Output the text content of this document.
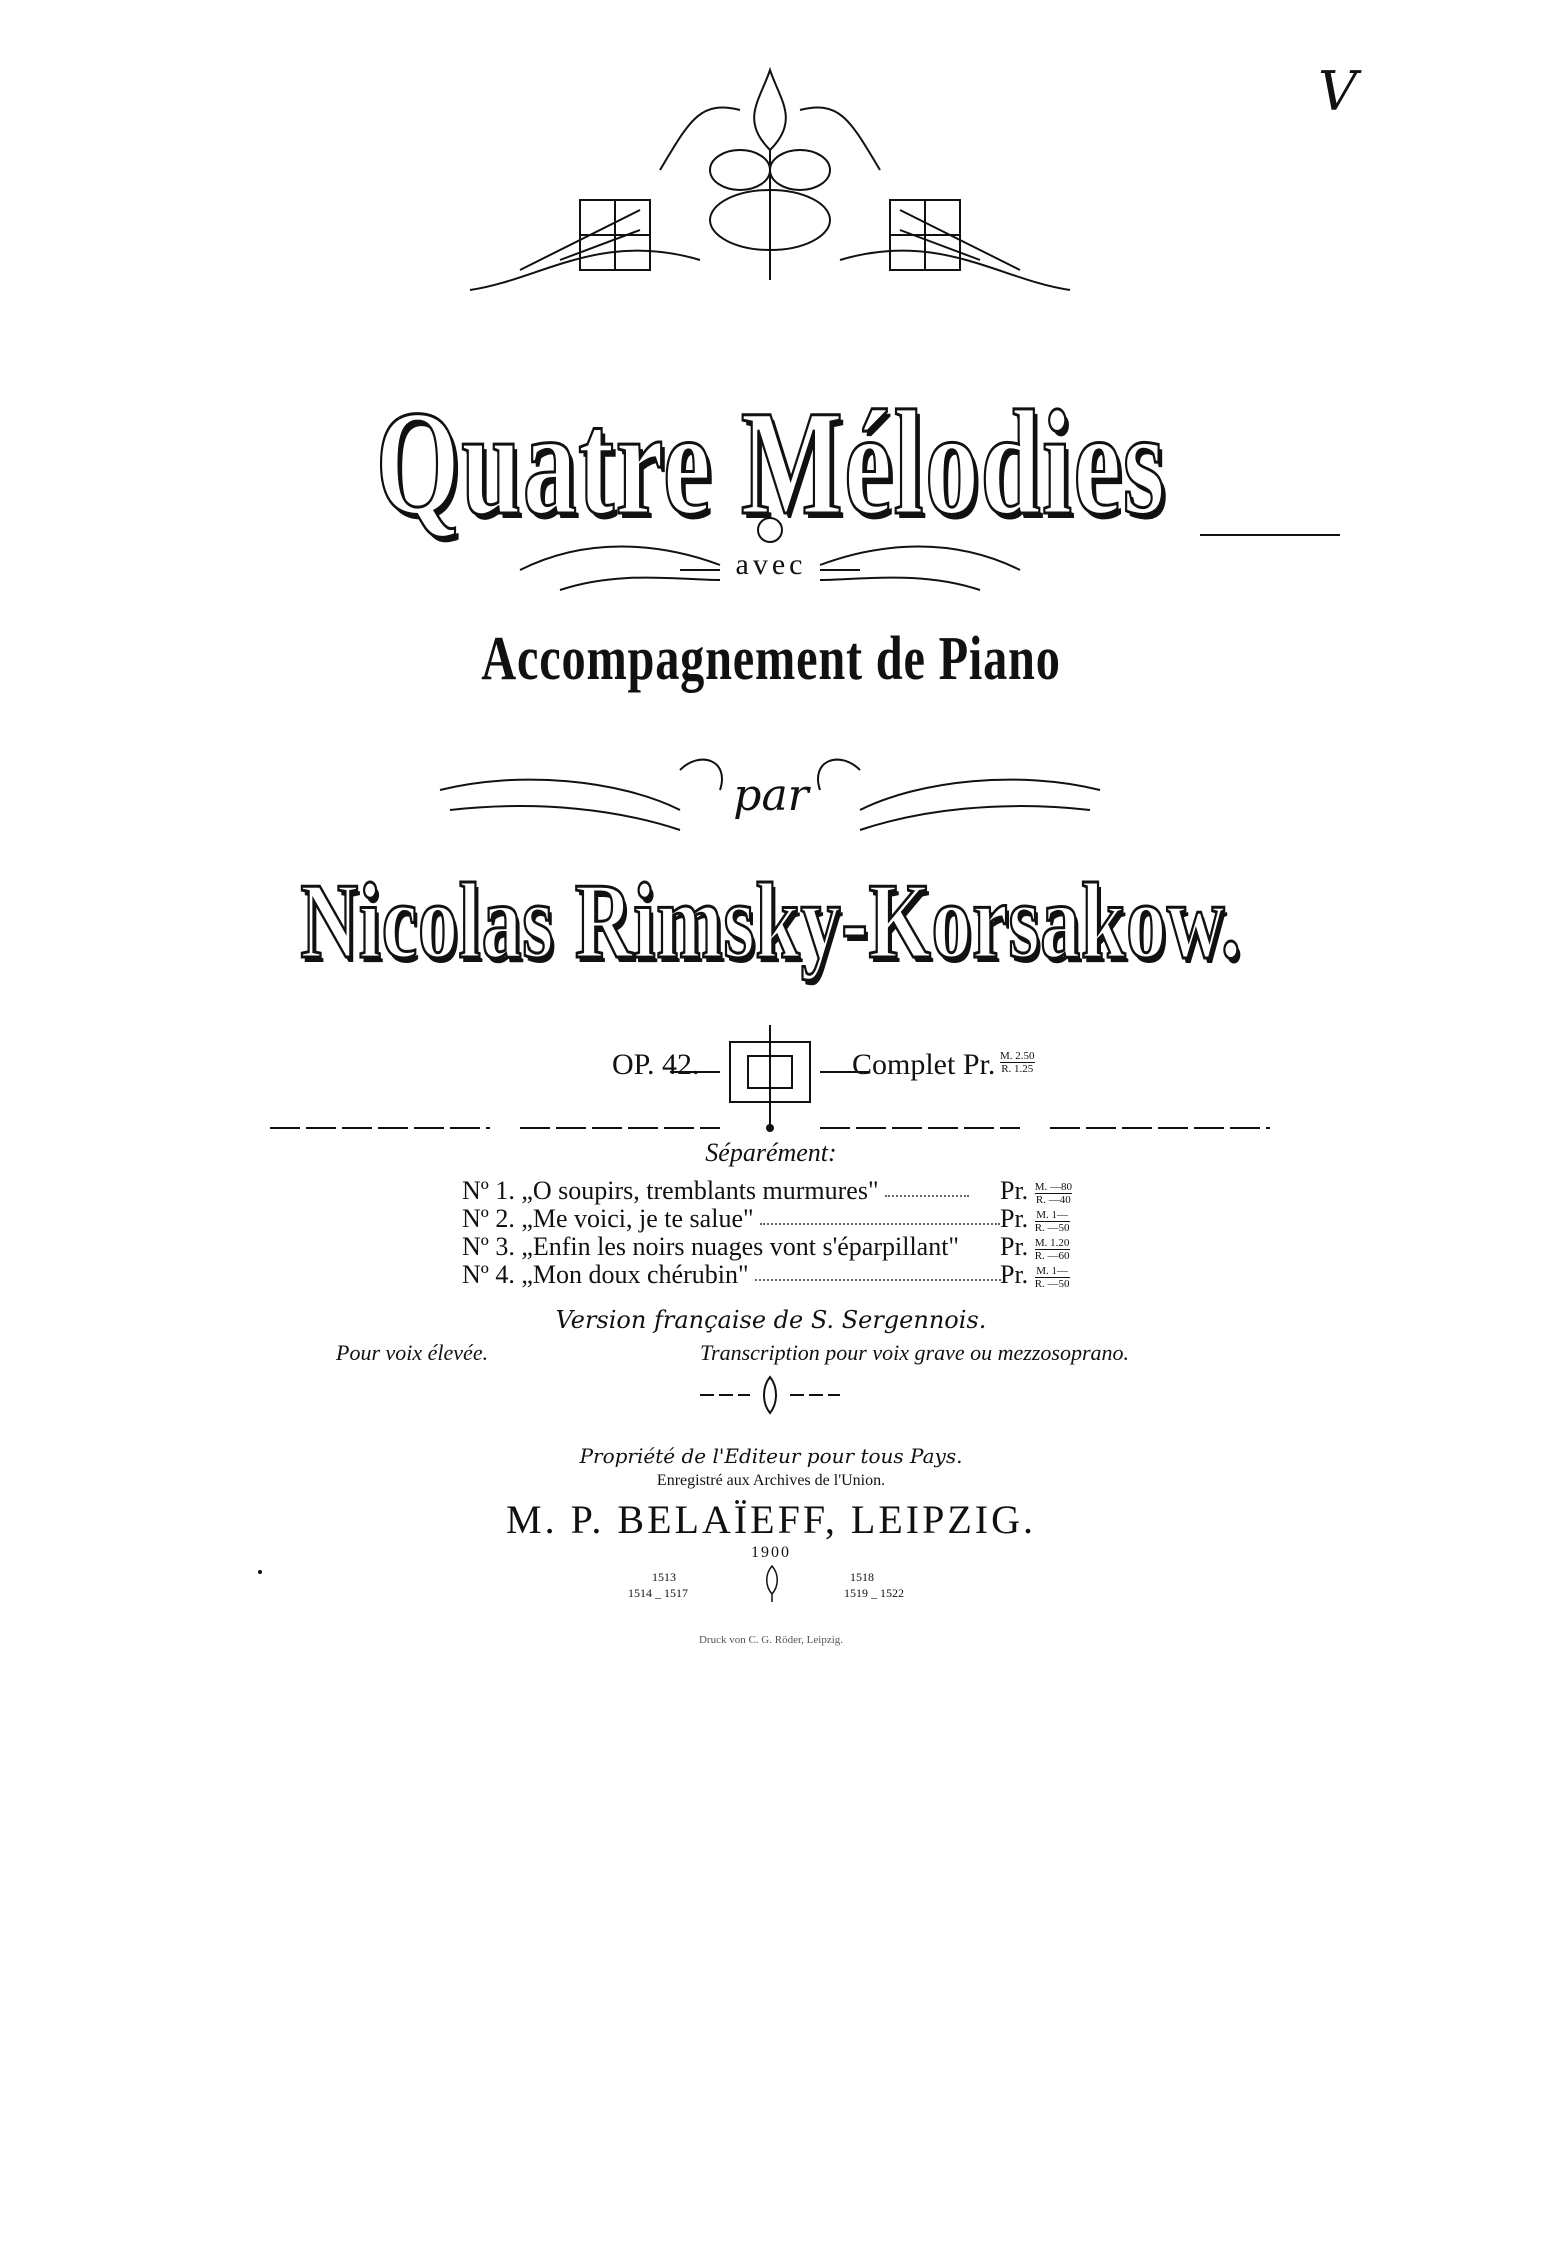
V
Quatre Mélodies
avec
Accompagnement de Piano
par
Nicolas Rimsky-Korsakow.
OP. 42.	Complet Pr. $\frac{M. 2.50}{R. 1.25}$
Séparément:
Nº 1. „O soupirs, tremblants murmures"	Pr. $\frac{M. —80}{R. —40}$
Nº 2. „Me voici, je te salue"	Pr. $\frac{M. 1—}{R. —50}$
Nº 3. „Enfin les noirs nuages vont s'éparpillant" Pr. $\frac{M. 1.20}{R. —60}$
Nº 4. „Mon doux chérubin"	Pr. $\frac{M. 1—}{R. —50}$
Version française de S. Sergennois.
Pour voix élevée.	Transcription pour voix grave ou mezzosoprano.
Propriété de l'Editeur pour tous Pays.
Enregistré aux Archives de l'Union.
M. P. BELAÏEFF, LEIPZIG.
1900
1513
1514 _ 1517
1518
1519 _ 1522
Druck von C. G. Röder, Leipzig.
